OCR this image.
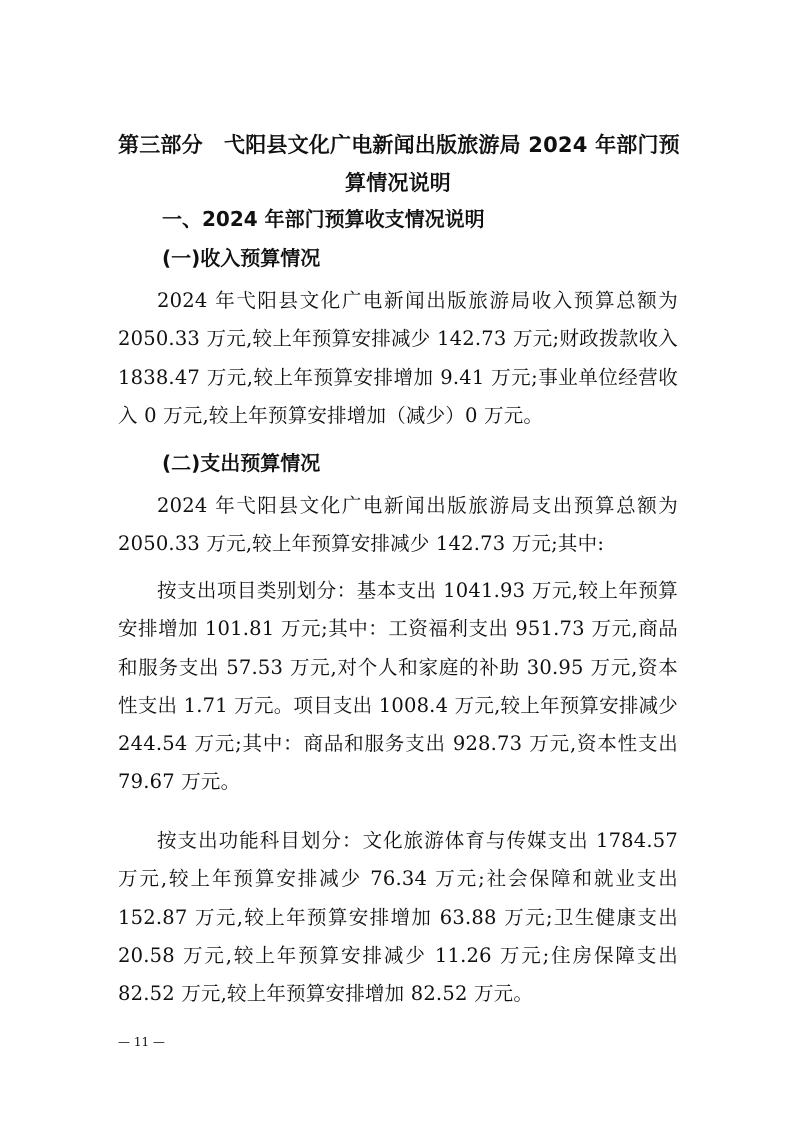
第三部分　弋阳县文化广电新闻出版旅游局 2024 年部门预
算情况说明
一、2024 年部门预算收支情况说明
(一)收入预算情况
2024 年弋阳县文化广电新闻出版旅游局收入预算总额为 2050.33 万元,较上年预算安排减少 142.73 万元;财政拨款收入 1838.47 万元,较上年预算安排增加 9.41 万元;事业单位经营收入 0 万元,较上年预算安排增加（减少）0 万元。
(二)支出预算情况
2024 年弋阳县文化广电新闻出版旅游局支出预算总额为 2050.33 万元,较上年预算安排减少 142.73 万元;其中:
按支出项目类别划分：基本支出 1041.93 万元,较上年预算安排增加 101.81 万元;其中：工资福利支出 951.73 万元,商品和服务支出 57.53 万元,对个人和家庭的补助 30.95 万元,资本性支出 1.71 万元。项目支出 1008.4 万元,较上年预算安排减少 244.54 万元;其中：商品和服务支出 928.73 万元,资本性支出 79.67 万元。
按支出功能科目划分：文化旅游体育与传媒支出 1784.57 万元,较上年预算安排减少 76.34 万元;社会保障和就业支出 152.87 万元,较上年预算安排增加 63.88 万元;卫生健康支出 20.58 万元,较上年预算安排减少 11.26 万元;住房保障支出 82.52 万元,较上年预算安排增加 82.52 万元。
— 11 —
